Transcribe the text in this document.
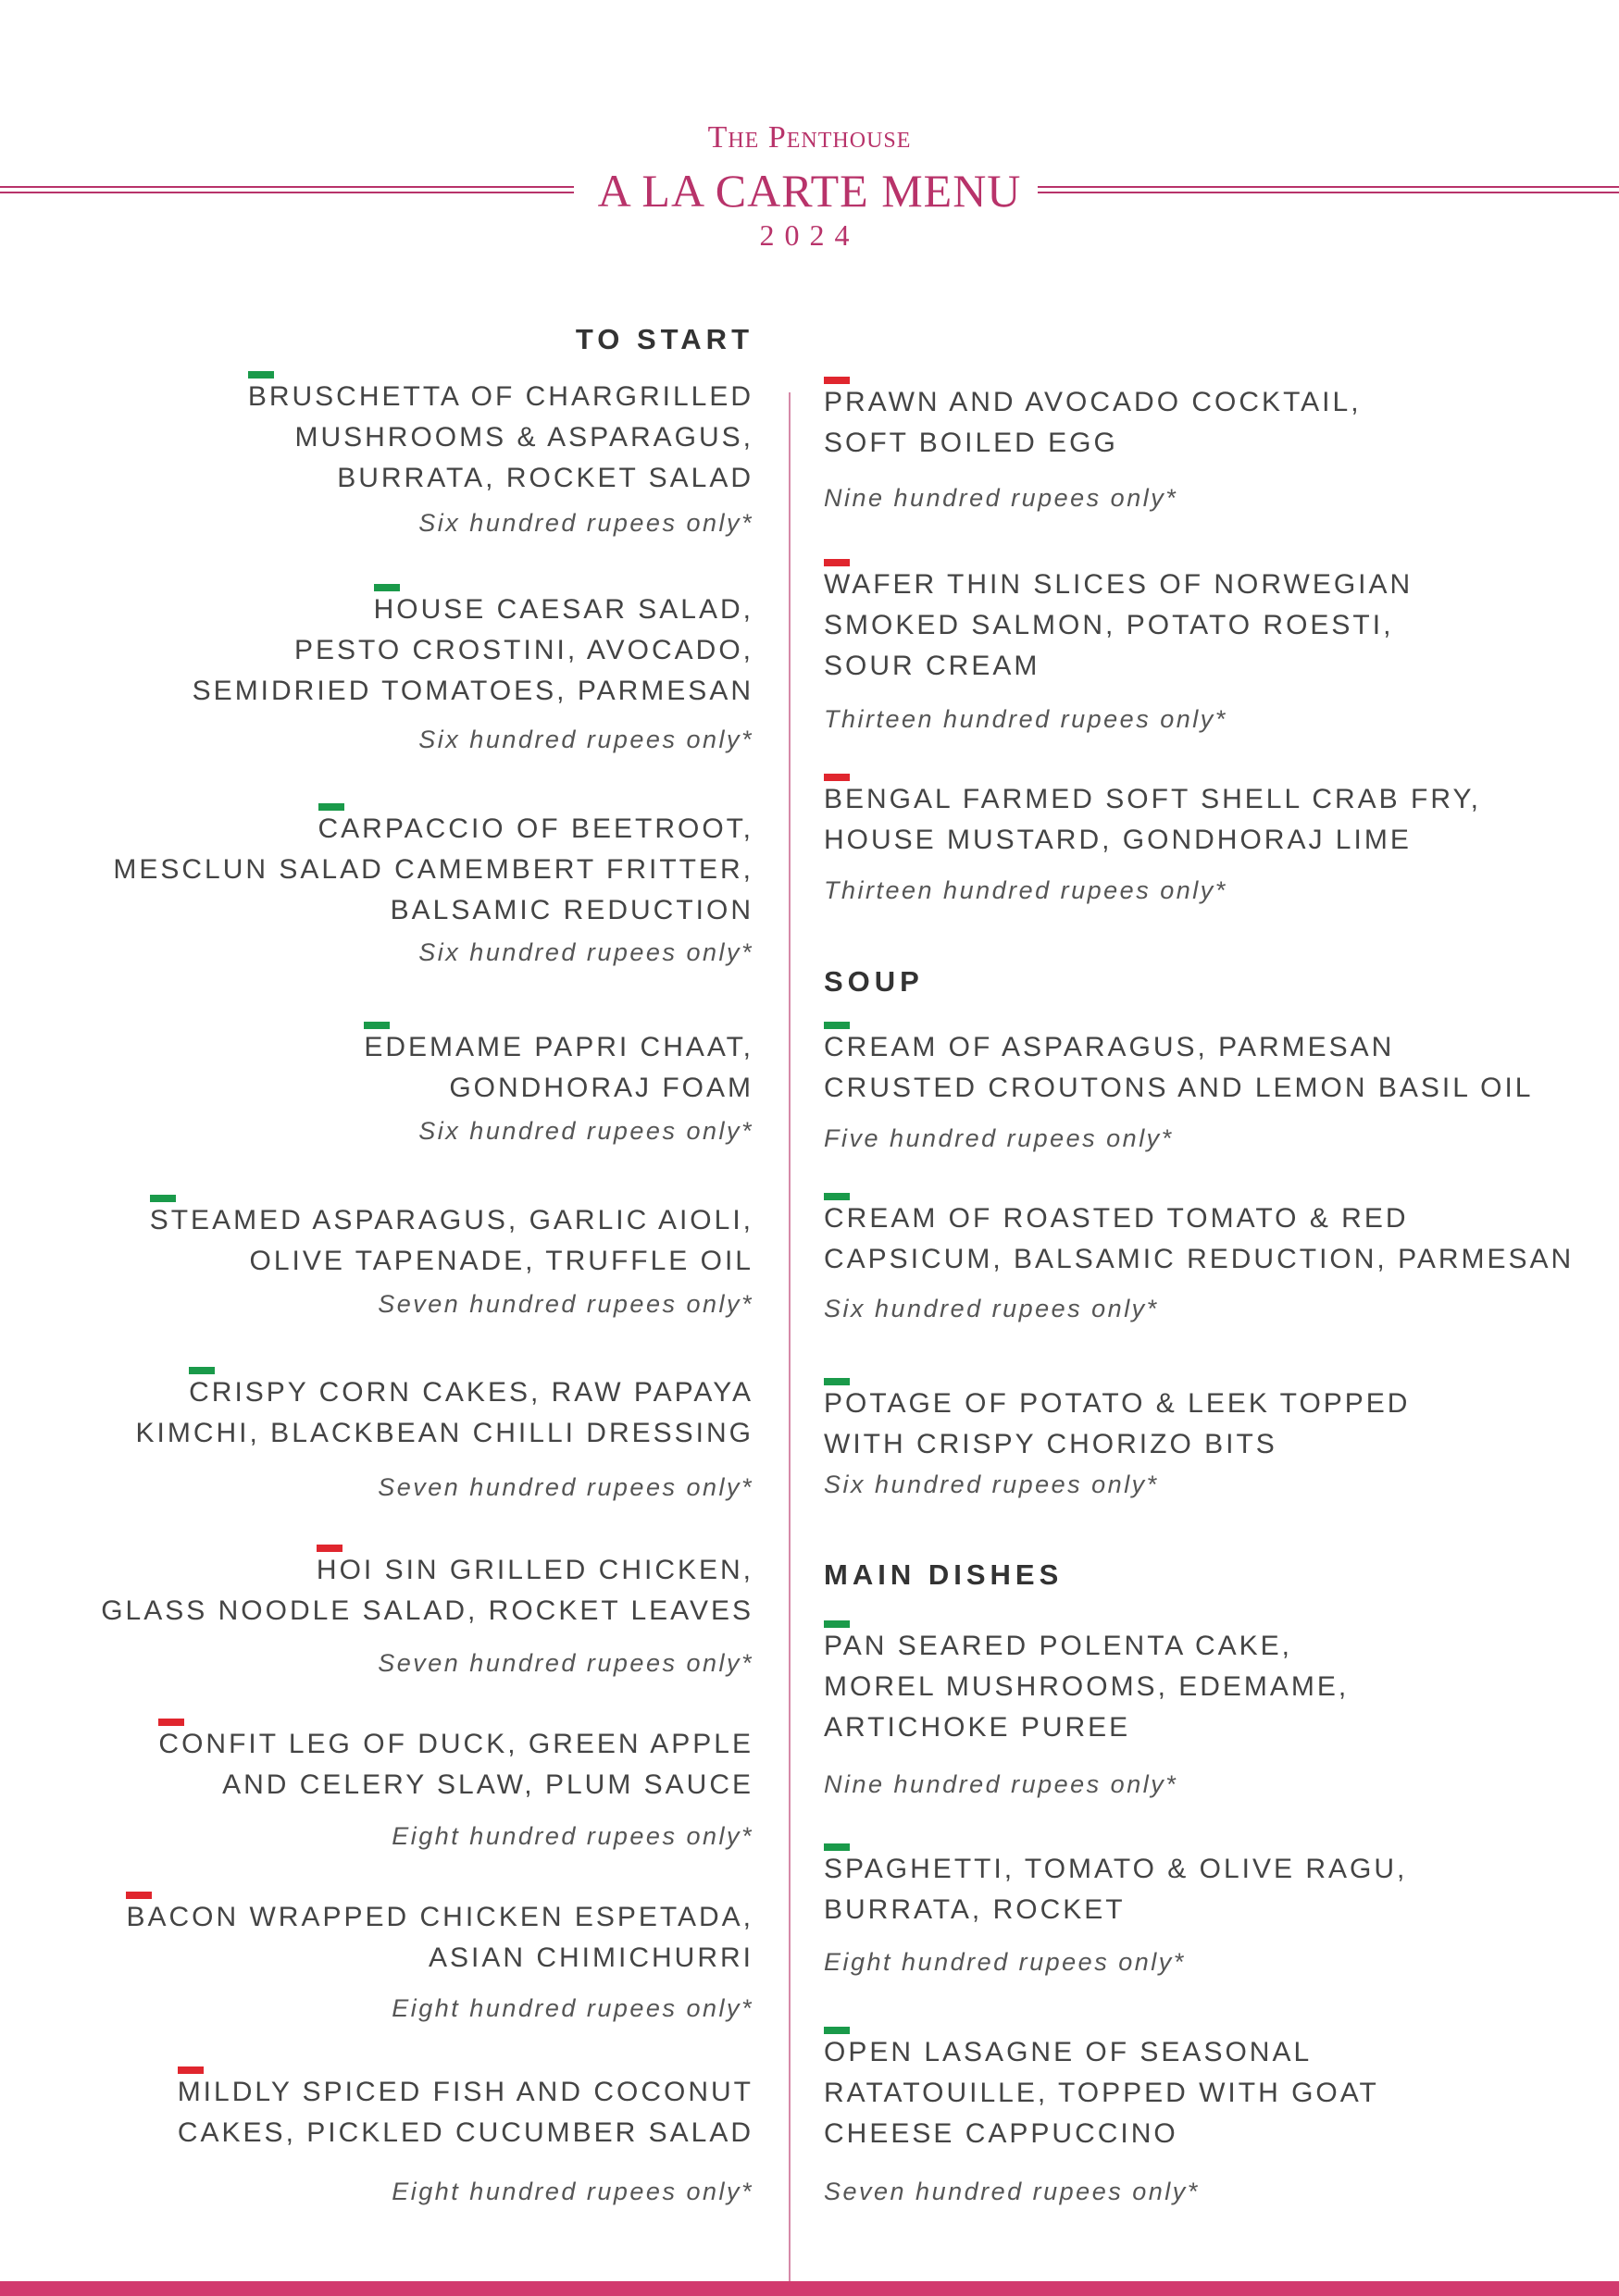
The Penthouse
A LA CARTE MENU
2024
TO START
BRUSCHETTA OF CHARGRILLED
MUSHROOMS & ASPARAGUS,
BURRATA, ROCKET SALAD
Six hundred rupees only*
HOUSE CAESAR SALAD,
PESTO CROSTINI, AVOCADO,
SEMIDRIED TOMATOES, PARMESAN
Six hundred rupees only*
CARPACCIO OF BEETROOT,
MESCLUN SALAD CAMEMBERT FRITTER,
BALSAMIC REDUCTION
Six hundred rupees only*
EDEMAME PAPRI CHAAT,
GONDHORAJ FOAM
Six hundred rupees only*
STEAMED ASPARAGUS, GARLIC AIOLI,
OLIVE TAPENADE, TRUFFLE OIL
Seven hundred rupees only*
CRISPY CORN CAKES, RAW PAPAYA
KIMCHI, BLACKBEAN CHILLI DRESSING
Seven hundred rupees only*
HOI SIN GRILLED CHICKEN,
GLASS NOODLE SALAD, ROCKET LEAVES
Seven hundred rupees only*
CONFIT LEG OF DUCK, GREEN APPLE
AND CELERY SLAW, PLUM SAUCE
Eight hundred rupees only*
BACON WRAPPED CHICKEN ESPETADA,
ASIAN CHIMICHURRI
Eight hundred rupees only*
MILDLY SPICED FISH AND COCONUT
CAKES, PICKLED CUCUMBER SALAD
Eight hundred rupees only*
PRAWN AND AVOCADO COCKTAIL,
SOFT BOILED EGG
Nine hundred rupees only*
WAFER THIN SLICES OF NORWEGIAN
SMOKED SALMON, POTATO ROESTI,
SOUR CREAM
Thirteen hundred rupees only*
BENGAL FARMED SOFT SHELL CRAB FRY,
HOUSE MUSTARD, GONDHORAJ LIME
Thirteen hundred rupees only*
SOUP
CREAM OF ASPARAGUS, PARMESAN
CRUSTED CROUTONS AND LEMON BASIL OIL
Five hundred rupees only*
CREAM OF ROASTED TOMATO & RED
CAPSICUM, BALSAMIC REDUCTION, PARMESAN
Six hundred rupees only*
POTAGE OF POTATO & LEEK TOPPED
WITH CRISPY CHORIZO BITS
Six hundred rupees only*
MAIN DISHES
PAN SEARED POLENTA CAKE,
MOREL MUSHROOMS, EDEMAME,
ARTICHOKE PUREE
Nine hundred rupees only*
SPAGHETTI, TOMATO & OLIVE RAGU,
BURRATA, ROCKET
Eight hundred rupees only*
OPEN LASAGNE OF SEASONAL
RATATOUILLE, TOPPED WITH GOAT
CHEESE CAPPUCCINO
Seven hundred rupees only*
